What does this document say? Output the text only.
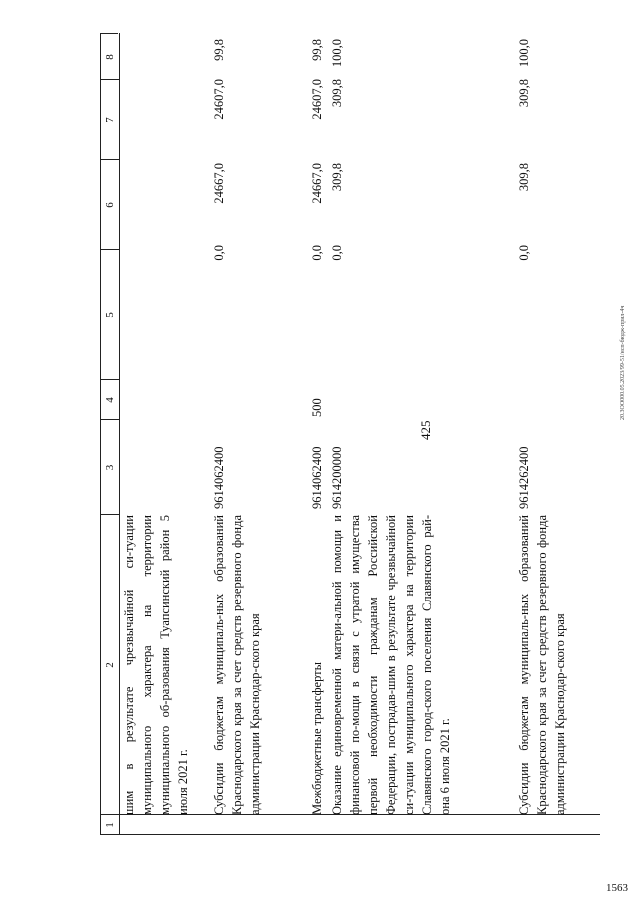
425
1563
20.3ОО000.05.2023/99-51/нсп-бюдж-прил-4ч
1
2
3
4
5
6
7
8
шим в результате чрезвычайной си-туации муниципального характера на территории муниципального об-разования Туапсинский район 5 июля 2021 г. Субсидии бюджетам муниципаль-ных образований Краснодарского края за счет средств резервного фонда администрации Краснодар-ского края
9614062400
0,0
24667,0
24607,0
99,8
Межбюджетные трансферты
9614062400
500
0,0
24667,0
24607,0
99,8
Оказание единовременной матери-альной помощи и финансовой по-мощи в связи с утратой имущества первой необходимости гражданам Российской Федерации, пострадав-шим в результате чрезвычайной си-туации муниципального характера на территории Славянского город-ского поселения Славянского рай-она 6 июля 2021 г.
9614200000
0,0
309,8
309,8
100,0
Субсидии бюджетам муниципаль-ных образований Краснодарского края за счет средств резервного фонда администрации Краснодар-ского края
9614262400
0,0
309,8
309,8
100,0
